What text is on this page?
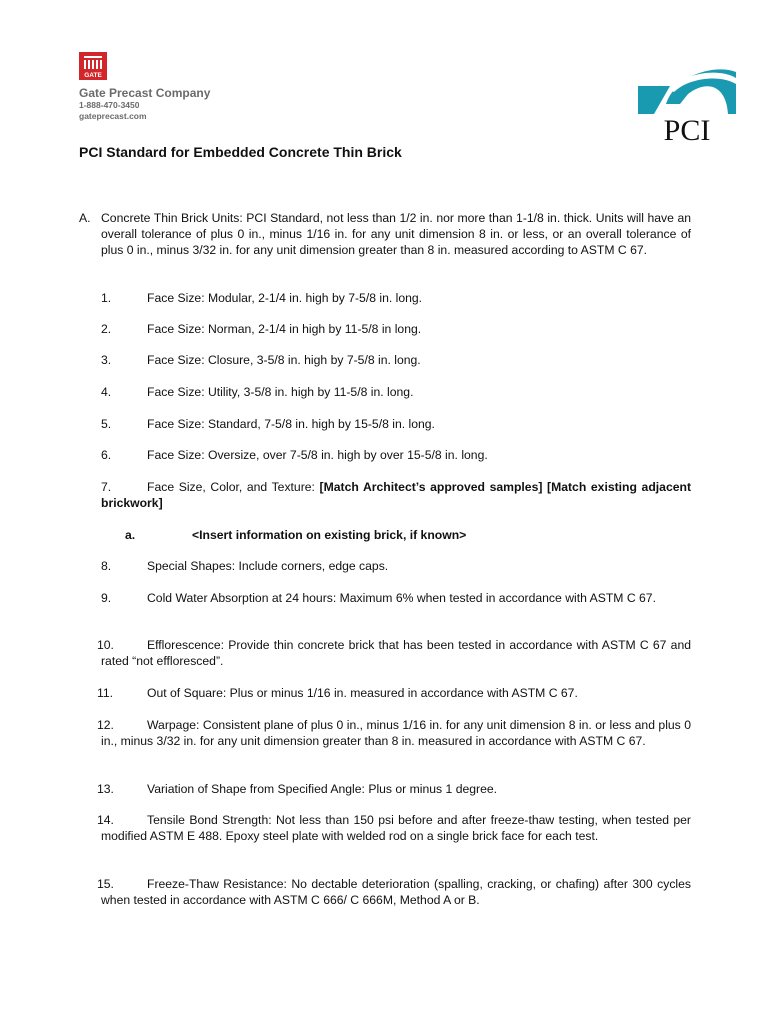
GATE
Gate Precast Company
1-888-470-3450
gateprecast.com	PCI
PCI Standard for Embedded Concrete Thin Brick
A. Concrete Thin Brick Units: PCI Standard, not less than 1/2 in. nor more than 1-1/8 in. thick. Units will have an overall tolerance of plus 0 in., minus 1/16 in. for any unit dimension 8 in. or less, or an overall tolerance of plus 0 in., minus 3/32 in. for any unit dimension greater than 8 in. measured according to ASTM C 67.
1.	Face Size: Modular, 2-1/4 in. high by 7-5/8 in. long.
2.	Face Size: Norman, 2-1/4 in high by 11-5/8 in long.
3.	Face Size: Closure, 3-5/8 in. high by 7-5/8 in. long.
4.	Face Size: Utility, 3-5/8 in. high by 11-5/8 in. long.
5.	Face Size: Standard, 7-5/8 in. high by 15-5/8 in. long.
6.	Face Size: Oversize, over 7-5/8 in. high by over 15-5/8 in. long.
7.	Face Size, Color, and Texture: [Match Architect’s approved samples] [Match existing adjacent brickwork]
a.	<Insert information on existing brick, if known>
8.	Special Shapes: Include corners, edge caps.
9.	Cold Water Absorption at 24 hours: Maximum 6% when tested in accordance with ASTM C 67.
10.	Efflorescence: Provide thin concrete brick that has been tested in accordance with ASTM C 67 and rated “not effloresced”.
11.	Out of Square: Plus or minus 1/16 in. measured in accordance with ASTM C 67.
12.	Warpage: Consistent plane of plus 0 in., minus 1/16 in. for any unit dimension 8 in. or less and plus 0 in., minus 3/32 in. for any unit dimension greater than 8 in. measured in accordance with ASTM C 67.
13.	Variation of Shape from Specified Angle: Plus or minus 1 degree.
14.	Tensile Bond Strength: Not less than 150 psi before and after freeze-thaw testing, when tested per modified ASTM E 488. Epoxy steel plate with welded rod on a single brick face for each test.
15.	Freeze-Thaw Resistance: No dectable deterioration (spalling, cracking, or chafing) after 300 cycles when tested in accordance with ASTM C 666/ C 666M, Method A or B.
